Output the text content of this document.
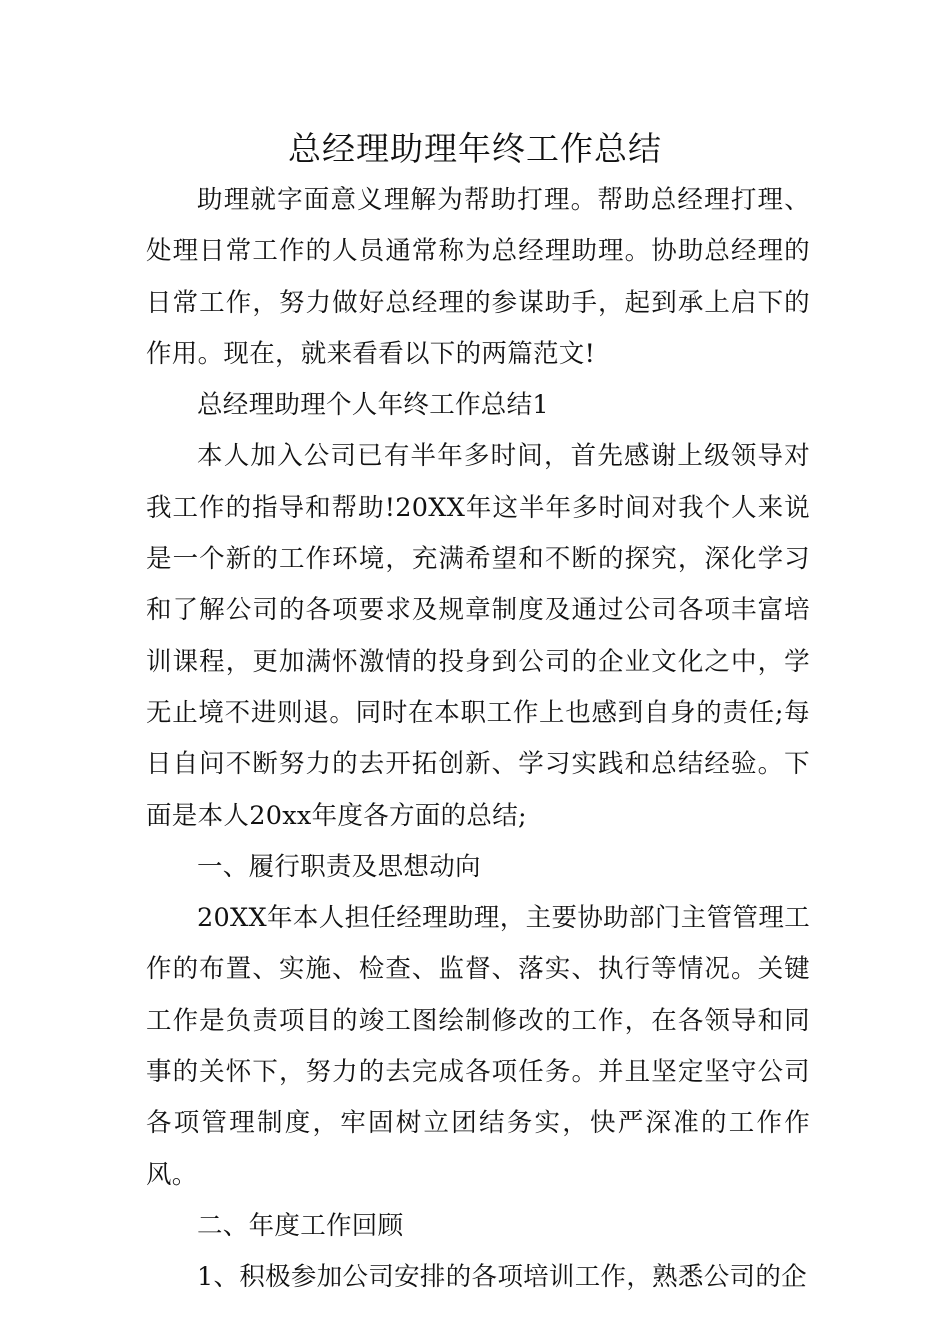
总经理助理年终工作总结

助理就字面意义理解为帮助打理。帮助总经理打理、处理日常工作的人员通常称为总经理助理。协助总经理的日常工作，努力做好总经理的参谋助手，起到承上启下的作用。现在，就来看看以下的两篇范文!

总经理助理个人年终工作总结1

本人加入公司已有半年多时间，首先感谢上级领导对我工作的指导和帮助!20XX年这半年多时间对我个人来说是一个新的工作环境，充满希望和不断的探究，深化学习和了解公司的各项要求及规章制度及通过公司各项丰富培训课程，更加满怀激情的投身到公司的企业文化之中，学无止境不进则退。同时在本职工作上也感到自身的责任;每日自问不断努力的去开拓创新、学习实践和总结经验。下面是本人20xx年度各方面的总结;

一、履行职责及思想动向

20XX年本人担任经理助理，主要协助部门主管管理工作的布置、实施、检查、监督、落实、执行等情况。关键工作是负责项目的竣工图绘制修改的工作，在各领导和同事的关怀下，努力的去完成各项任务。并且坚定坚守公司各项管理制度，牢固树立团结务实，快严深准的工作作风。

二、年度工作回顾

1、积极参加公司安排的各项培训工作，熟悉公司的企
